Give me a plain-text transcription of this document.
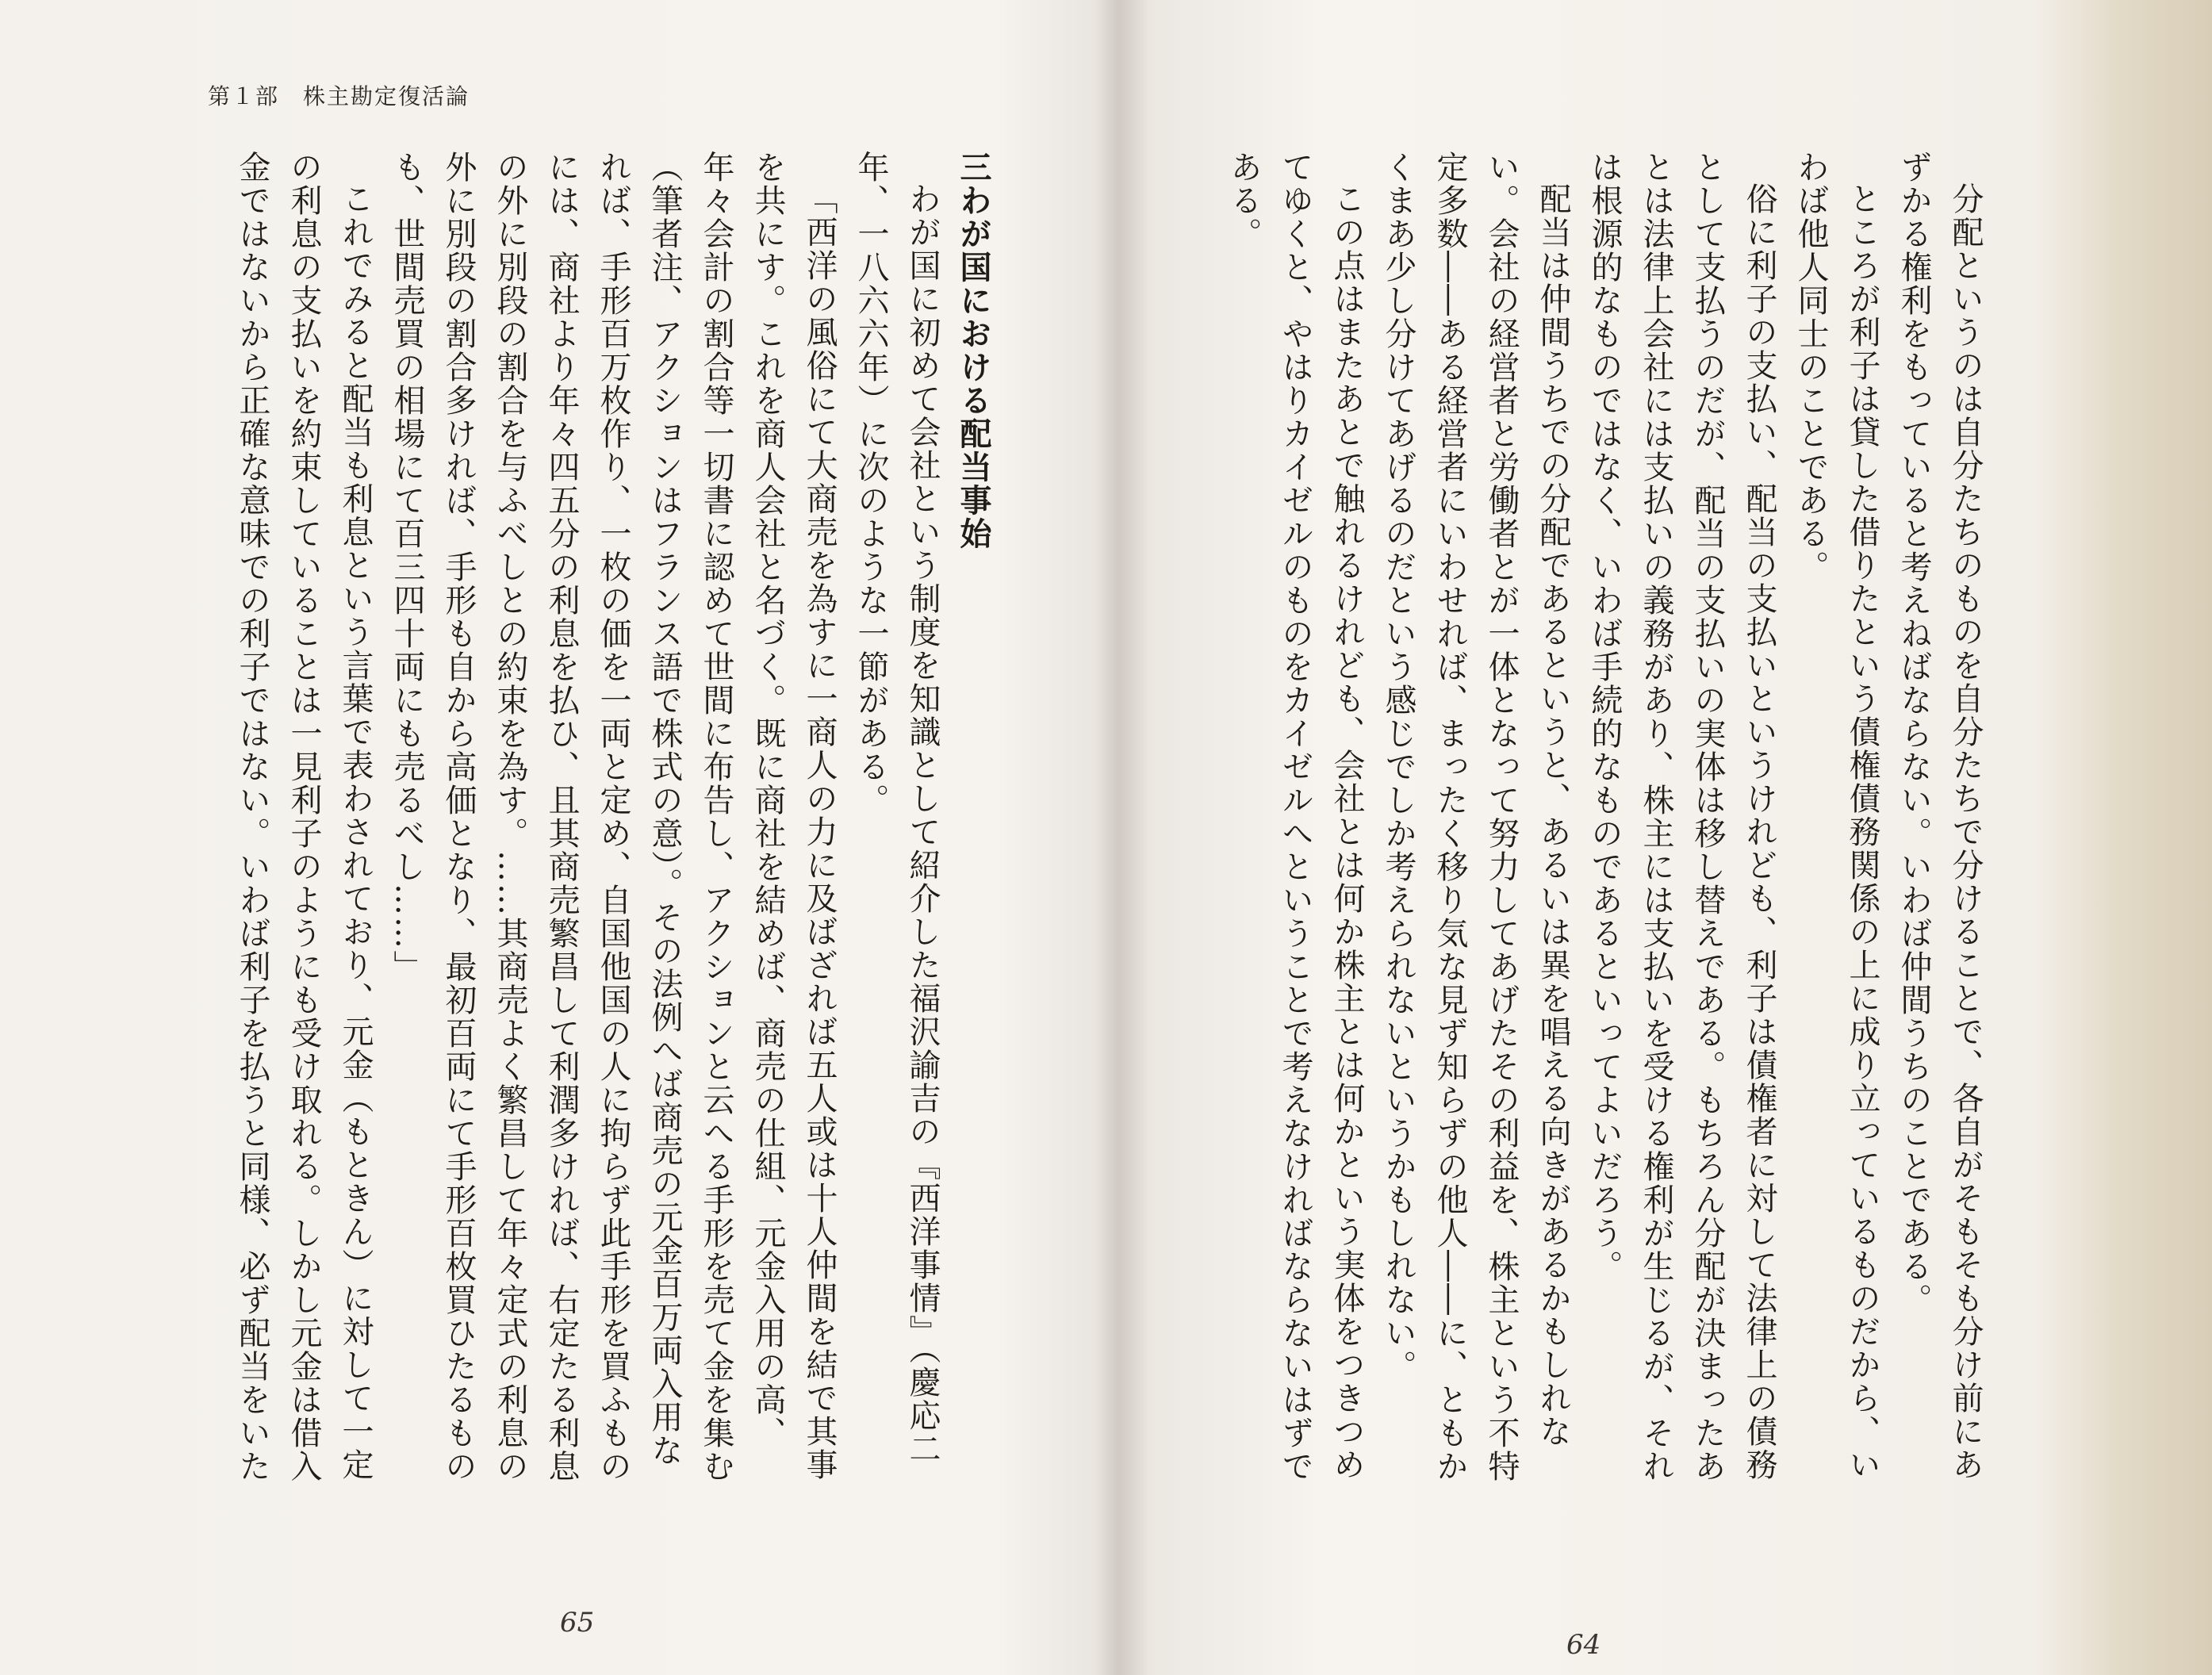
第１部　株主勘定復活論
三わが国における配当事始
わが国に初めて会社という制度を知識として紹介した福沢諭吉の『西洋事情』（慶応二
年、一八六六年）に次のような一節がある。
「西洋の風俗にて大商売を為すに一商人の力に及ばざれば五人或は十人仲間を結で其事
を共にす。これを商人会社と名づく。既に商社を結めば、商売の仕組、元金入用の高、
年々会計の割合等一切書に認めて世間に布告し、アクションと云へる手形を売て金を集む
（筆者注、アクションはフランス語で株式の意）。その法例へば商売の元金百万両入用な
れば、手形百万枚作り、一枚の価を一両と定め、自国他国の人に拘らず此手形を買ふもの
には、商社より年々四五分の利息を払ひ、且其商売繁昌して利潤多ければ、右定たる利息
の外に別段の割合を与ふべしとの約束を為す。……其商売よく繁昌して年々定式の利息の
外に別段の割合多ければ、手形も自から高価となり、最初百両にて手形百枚買ひたるもの
も、世間売買の相場にて百三四十両にも売るべし……」
これでみると配当も利息という言葉で表わされており、元金（もときん）に対して一定
の利息の支払いを約束していることは一見利子のようにも受け取れる。しかし元金は借入
金ではないから正確な意味での利子ではない。いわば利子を払うと同様、必ず配当をいた
65
分配というのは自分たちのものを自分たちで分けることで、各自がそもそも分け前にあ
ずかる権利をもっていると考えねばならない。いわば仲間うちのことである。
ところが利子は貸した借りたという債権債務関係の上に成り立っているものだから、い
わば他人同士のことである。
俗に利子の支払い、配当の支払いというけれども、利子は債権者に対して法律上の債務
として支払うのだが、配当の支払いの実体は移し替えである。もちろん分配が決まったあ
とは法律上会社には支払いの義務があり、株主には支払いを受ける権利が生じるが、それ
は根源的なものではなく、いわば手続的なものであるといってよいだろう。
配当は仲間うちでの分配であるというと、あるいは異を唱える向きがあるかもしれな
い。会社の経営者と労働者とが一体となって努力してあげたその利益を、株主という不特
定多数――ある経営者にいわせれば、まったく移り気な見ず知らずの他人――に、ともか
くまあ少し分けてあげるのだという感じでしか考えられないというかもしれない。
この点はまたあとで触れるけれども、会社とは何か株主とは何かという実体をつきつめ
てゆくと、やはりカイゼルのものをカイゼルへということで考えなければならないはずで
ある。
64
